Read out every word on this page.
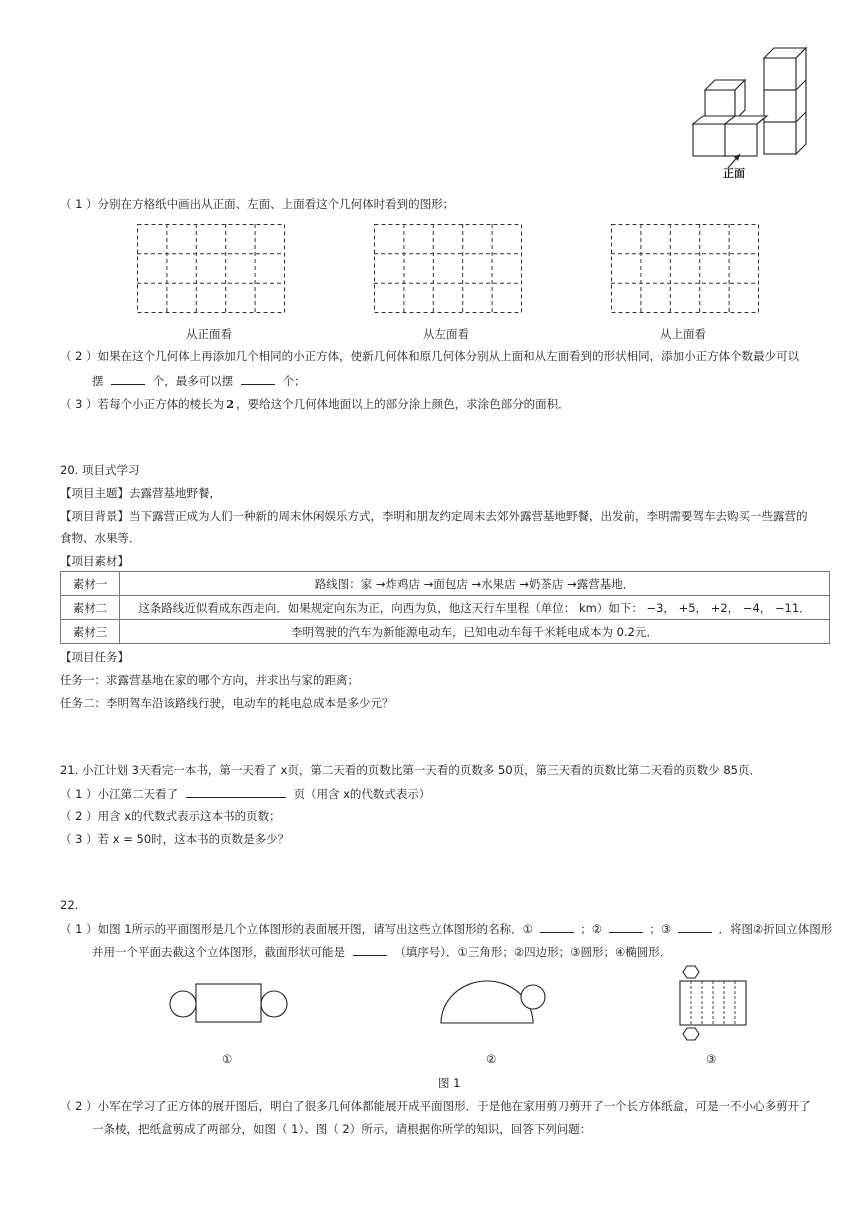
正面
（ 1 ）分别在方格纸中画出从正面、左面、上面看这个几何体时看到的图形；
从正面看	从左面看	从上面看
（ 2 ）如果在这个几何体上再添加几个相同的小正方体，使新几何体和原几何体分别从上面和从左面看到的形状相同，添加小正方体个数最少可以
摆	个，最多可以摆	个；
（ 3 ）若每个小正方体的棱长为 2 ，要给这个几何体地面以上的部分涂上颜色，求涂色部分的面积．
20. 项目式学习
【项目主题】去露营基地野餐，
【项目背景】当下露营正成为人们一种新的周末休闲娱乐方式，李明和朋友约定周末去郊外露营基地野餐，出发前，李明需要驾车去购买一些露营的
食物、水果等．
【项目素材】
素材一	路线图：家 →炸鸡店 →面包店 →水果店 →奶茶店 →露营基地．
素材二	这条路线近似看成东西走向．如果规定向东为正，向西为负，他这天行车里程（单位： km）如下： −3， +5， +2， −4， −11．
素材三	李明驾驶的汽车为新能源电动车，已知电动车每千米耗电成本为 0.2元．
【项目任务】
任务一：求露营基地在家的哪个方向，并求出与家的距离；
任务二：李明驾车沿该路线行驶，电动车的耗电总成本是多少元？
21. 小江计划 3天看完一本书，第一天看了 x页，第二天看的页数比第一天看的页数多 50页，第三天看的页数比第二天看的页数少 85页．
（ 1 ）小江第二天看了	页（用含 x的代数式表示）
（ 2 ）用含 x的代数式表示这本书的页数；
（ 3 ）若 x = 50时，这本书的页数是多少？
22.
（ 1 ）如图 1所示的平面图形是几个立体图形的表面展开图，请写出这些立体图形的名称．①	；②	；③	．将图②折回立体图形
并用一个平面去截这个立体图形，截面形状可能是	（填序号）．①三角形；②四边形；③圆形；④椭圆形．
①	②	③
图 1
（ 2 ）小军在学习了正方体的展开图后，明白了很多几何体都能展开成平面图形．于是他在家用剪刀剪开了一个长方体纸盒，可是一不小心多剪开了
一条棱，把纸盒剪成了两部分，如图（ 1）、图（ 2）所示，请根据你所学的知识，回答下列问题：
